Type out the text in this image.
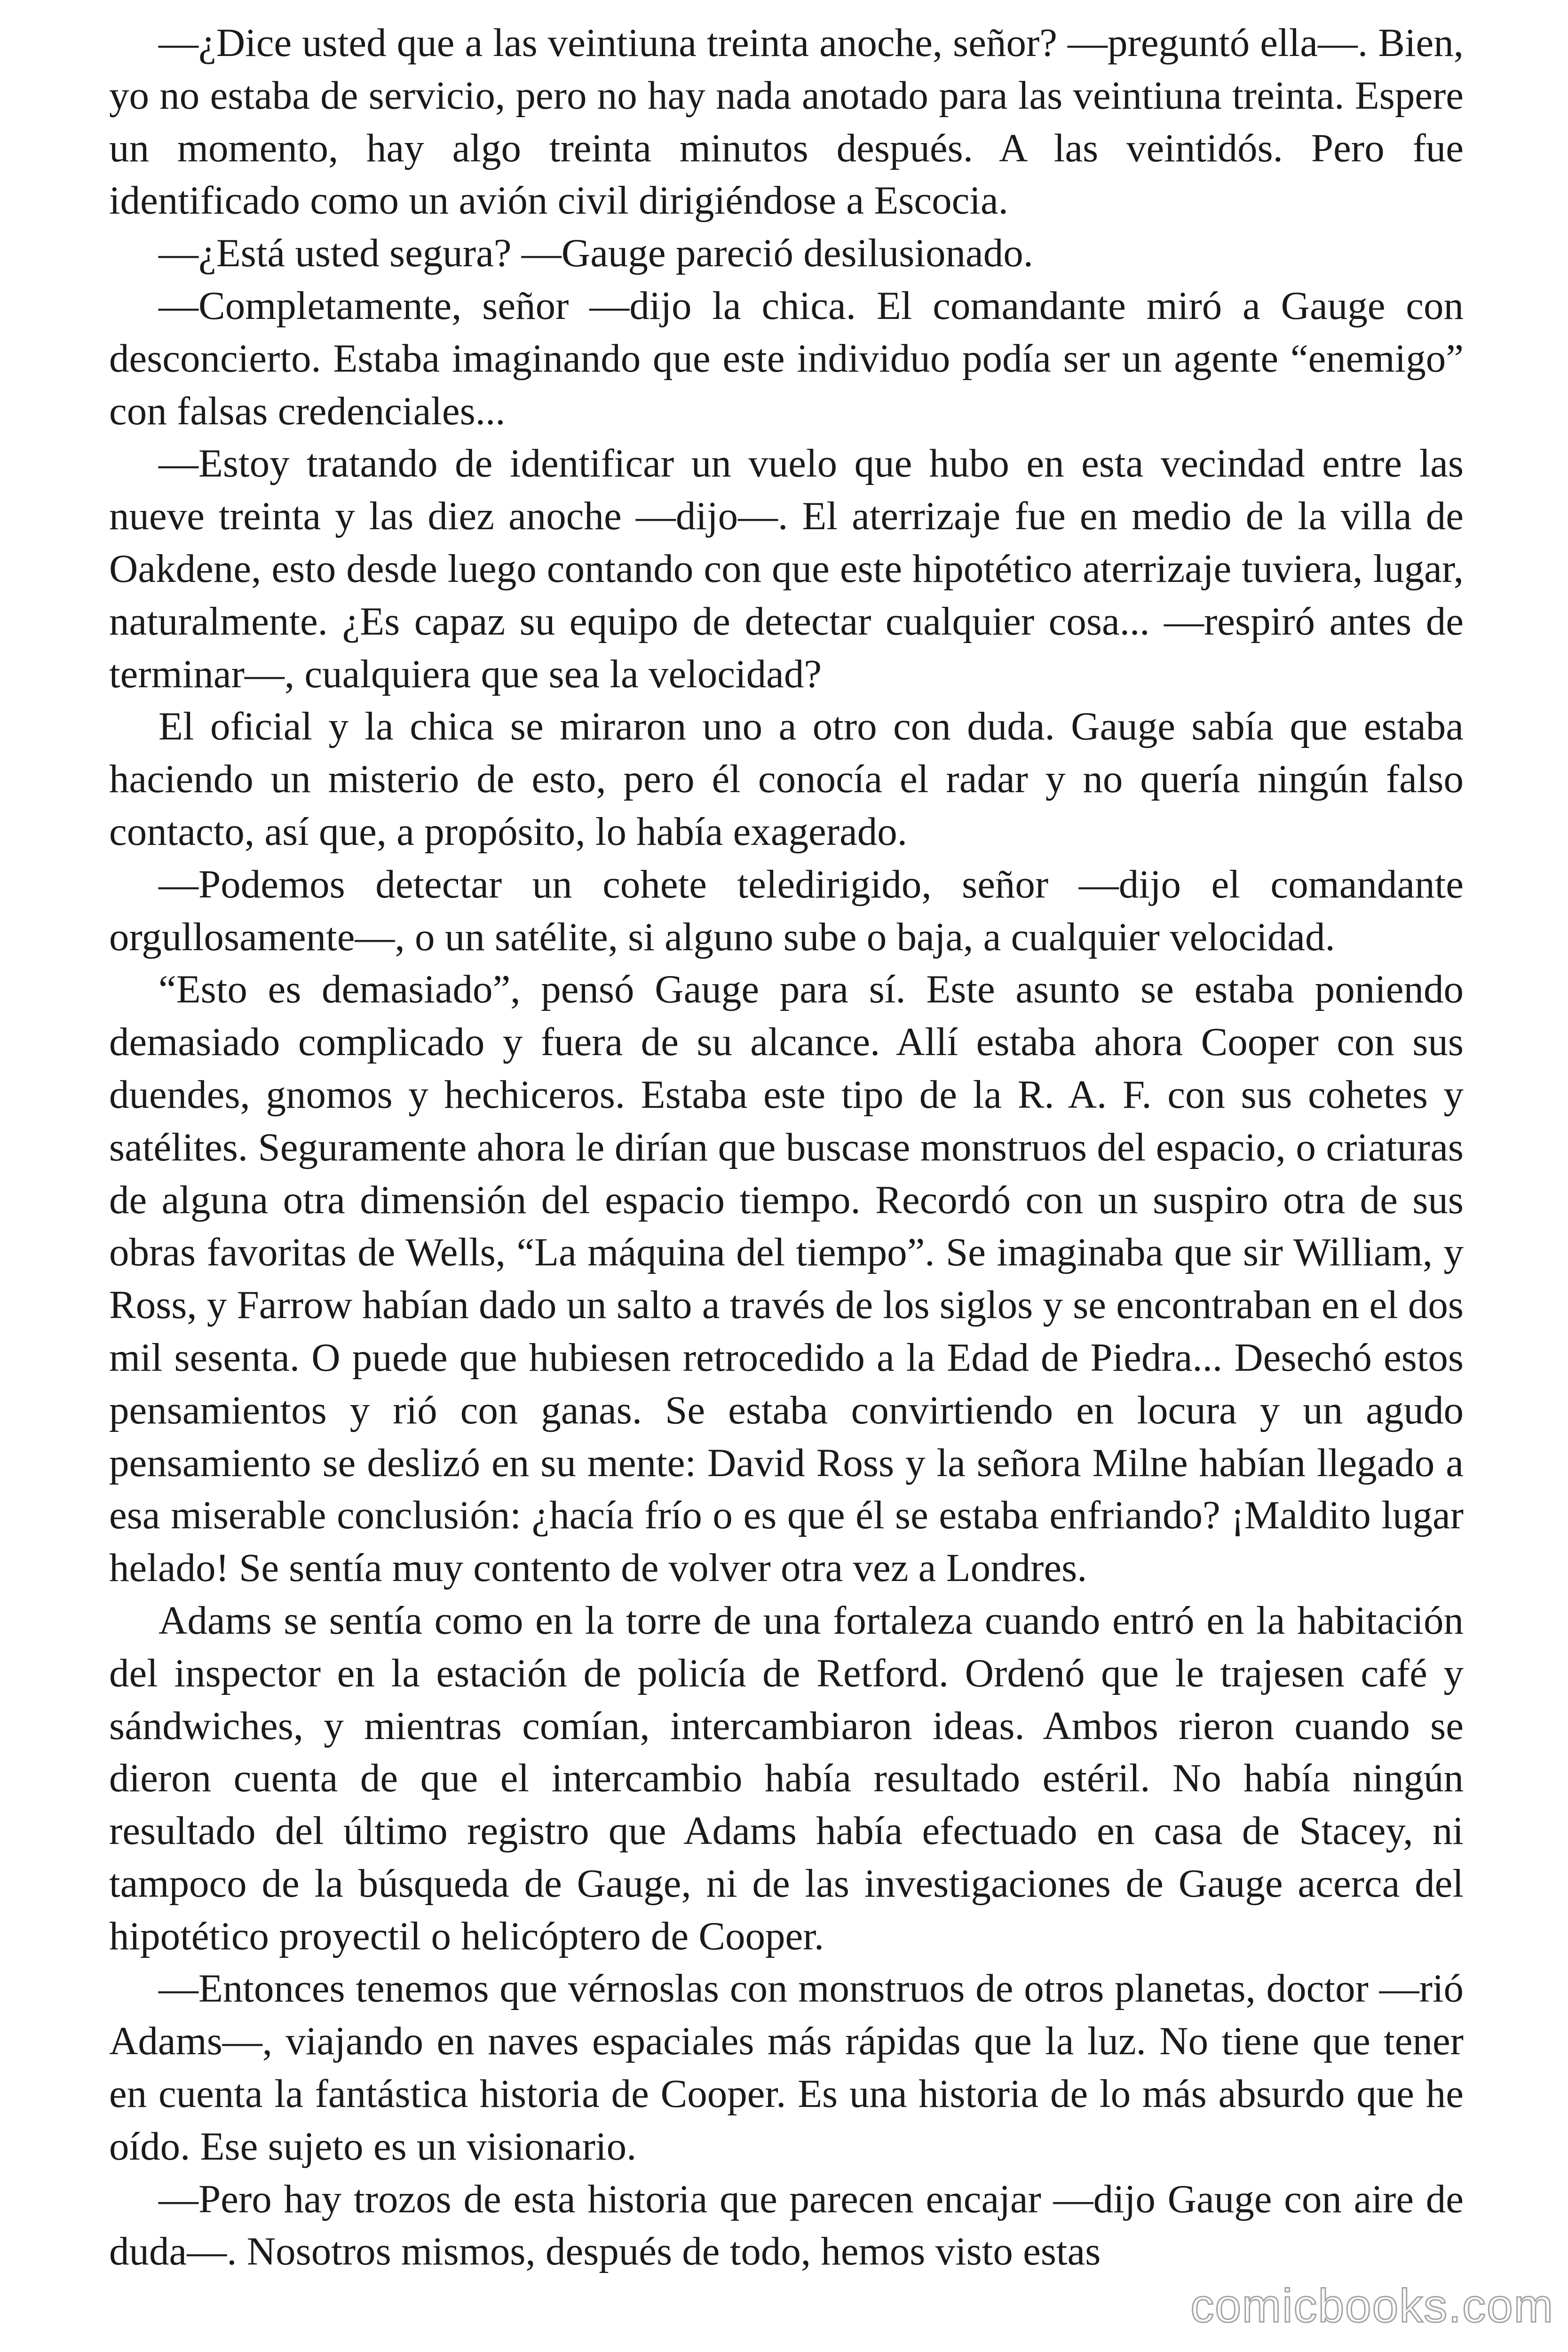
—¿Dice usted que a las veintiuna treinta anoche, señor? —preguntó ella—. Bien, yo no estaba de servicio, pero no hay nada anotado para las veintiuna treinta. Espere un momento, hay algo treinta minutos después. A las veintidós. Pero fue identificado como un avión civil dirigiéndose a Escocia.

—¿Está usted segura? —Gauge pareció desilusionado.

—Completamente, señor —dijo la chica. El comandante miró a Gauge con desconcierto. Estaba imaginando que este individuo podía ser un agente “enemigo” con falsas credenciales...

—Estoy tratando de identificar un vuelo que hubo en esta vecindad entre las nueve treinta y las diez anoche —dijo—. El aterrizaje fue en medio de la villa de Oakdene, esto desde luego contando con que este hipotético aterrizaje tuviera, lugar, naturalmente. ¿Es capaz su equipo de detectar cualquier cosa... —respiró antes de terminar—, cualquiera que sea la velocidad?

El oficial y la chica se miraron uno a otro con duda. Gauge sabía que estaba haciendo un misterio de esto, pero él conocía el radar y no quería ningún falso contacto, así que, a propósito, lo había exagerado.

—Podemos detectar un cohete teledirigido, señor —dijo el comandante orgullosamente—, o un satélite, si alguno sube o baja, a cualquier velocidad.

“Esto es demasiado”, pensó Gauge para sí. Este asunto se estaba poniendo demasiado complicado y fuera de su alcance. Allí estaba ahora Cooper con sus duendes, gnomos y hechiceros. Estaba este tipo de la R. A. F. con sus cohetes y satélites. Seguramente ahora le dirían que buscase monstruos del espacio, o criaturas de alguna otra dimensión del espacio tiempo. Recordó con un suspiro otra de sus obras favoritas de Wells, “La máquina del tiempo”. Se imaginaba que sir William, y Ross, y Farrow habían dado un salto a través de los siglos y se encontraban en el dos mil sesenta. O puede que hubiesen retrocedido a la Edad de Piedra... Desechó estos pensamientos y rió con ganas. Se estaba convirtiendo en locura y un agudo pensamiento se deslizó en su mente: David Ross y la señora Milne habían llegado a esa miserable conclusión: ¿hacía frío o es que él se estaba enfriando? ¡Maldito lugar helado! Se sentía muy contento de volver otra vez a Londres.

Adams se sentía como en la torre de una fortaleza cuando entró en la habitación del inspector en la estación de policía de Retford. Ordenó que le trajesen café y sándwiches, y mientras comían, intercambiaron ideas. Ambos rieron cuando se dieron cuenta de que el intercambio había resultado estéril. No había ningún resultado del último registro que Adams había efectuado en casa de Stacey, ni tampoco de la búsqueda de Gauge, ni de las investigaciones de Gauge acerca del hipotético proyectil o helicóptero de Cooper.

—Entonces tenemos que vérnoslas con monstruos de otros planetas, doctor —rió Adams—, viajando en naves espaciales más rápidas que la luz. No tiene que tener en cuenta la fantástica historia de Cooper. Es una historia de lo más absurdo que he oído. Ese sujeto es un visionario.

—Pero hay trozos de esta historia que parecen encajar —dijo Gauge con aire de duda—. Nosotros mismos, después de todo, hemos visto estas

comicbooks.com
